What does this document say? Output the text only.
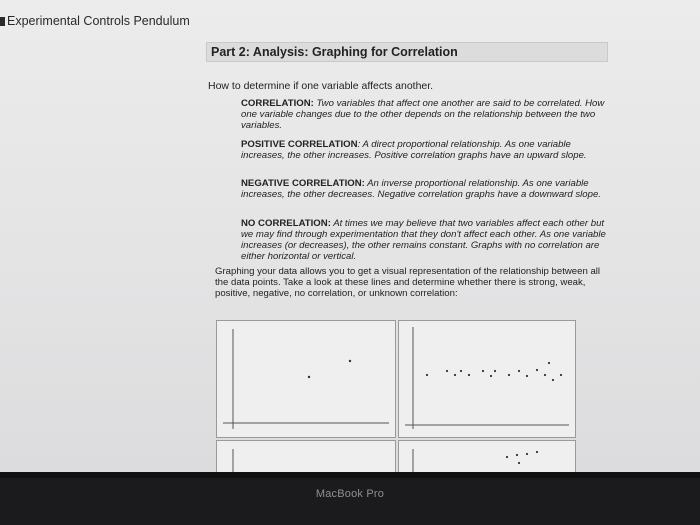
Experimental Controls Pendulum
Part 2: Analysis: Graphing for Correlation
How to determine if one variable affects another.
CORRELATION: Two variables that affect one another are said to be correlated. How one variable changes due to the other depends on the relationship between the two variables.
POSITIVE CORRELATION: A direct proportional relationship. As one variable increases, the other increases. Positive correlation graphs have an upward slope.
NEGATIVE CORRELATION: An inverse proportional relationship. As one variable increases, the other decreases. Negative correlation graphs have a downward slope.
NO CORRELATION: At times we may believe that two variables affect each other but we may find through experimentation that they don't affect each other. As one variable increases (or decreases), the other remains constant. Graphs with no correlation are either horizontal or vertical.
Graphing your data allows you to get a visual representation of the relationship between all the data points. Take a look at these lines and determine whether there is strong, weak, positive, negative, no correlation, or unknown correlation:
MacBook Pro
